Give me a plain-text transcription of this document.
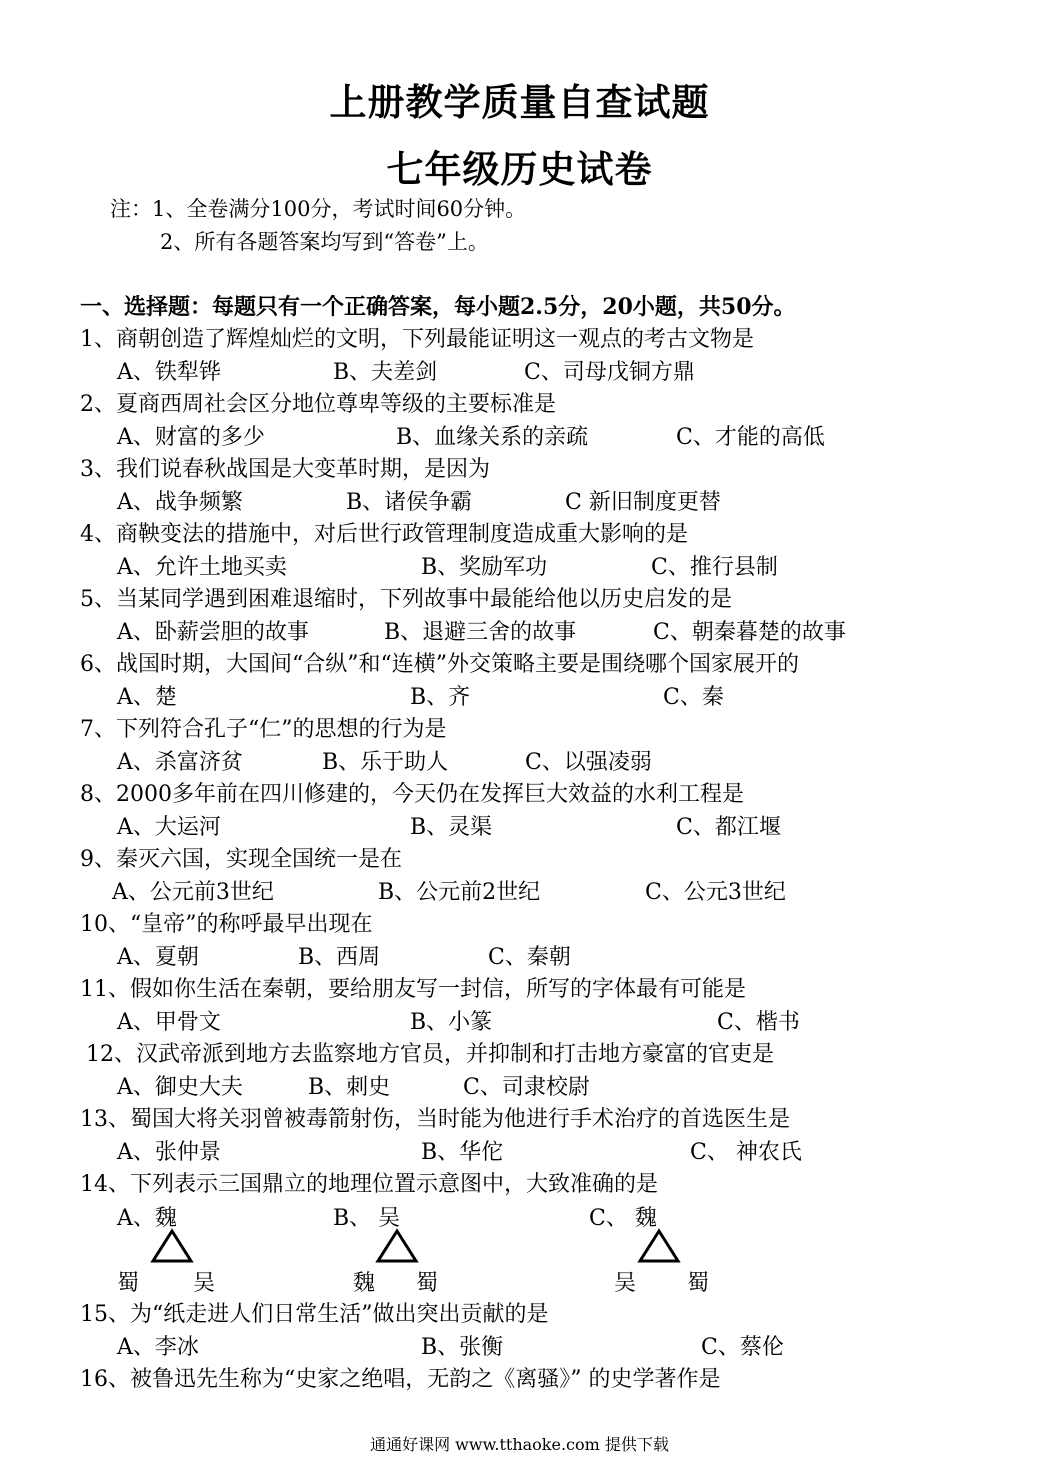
上册教学质量自查试题
七年级历史试卷
注：1、全卷满分100分，考试时间60分钟。
2、所有各题答案均写到“答卷”上。
一、选择题：每题只有一个正确答案，每小题2.5分，20小题，共50分。
1、商朝创造了辉煌灿烂的文明，下列最能证明这一观点的考古文物是
A、铁犁铧	B、夫差剑	C、司母戊铜方鼎
2、夏商西周社会区分地位尊卑等级的主要标准是
A、财富的多少	B、血缘关系的亲疏	C、才能的高低
3、我们说春秋战国是大变革时期，是因为
A、战争频繁	B、诸侯争霸	C 新旧制度更替
4、商鞅变法的措施中，对后世行政管理制度造成重大影响的是
A、允许土地买卖	B、奖励军功	C、推行县制
5、当某同学遇到困难退缩时，下列故事中最能给他以历史启发的是
A、卧薪尝胆的故事	B、退避三舍的故事	C、朝秦暮楚的故事
6、战国时期，大国间“合纵”和“连横”外交策略主要是围绕哪个国家展开的
A、楚	B、齐	C、秦
7、下列符合孔子“仁”的思想的行为是
A、杀富济贫	B、乐于助人	C、以强凌弱
8、2000多年前在四川修建的，今天仍在发挥巨大效益的水利工程是
A、大运河	B、灵渠	C、都江堰
9、秦灭六国，实现全国统一是在
A、公元前3世纪	B、公元前2世纪	C、公元3世纪
10、“皇帝”的称呼最早出现在
A、夏朝	B、西周	C、秦朝
11、假如你生活在秦朝，要给朋友写一封信，所写的字体最有可能是
A、甲骨文	B、小篆	C、楷书
12、汉武帝派到地方去监察地方官员，并抑制和打击地方豪富的官吏是
A、御史大夫	B、刺史	C、司隶校尉
13、蜀国大将关羽曾被毒箭射伤，当时能为他进行手术治疗的首选医生是
A、张仲景	B、华佗	C、 神农氏
14、下列表示三国鼎立的地理位置示意图中，大致准确的是
A、魏	B、 吴	C、 魏
蜀 吴	魏 蜀	吴 蜀
15、为“纸走进人们日常生活”做出突出贡献的是
A、李冰	B、张衡	C、蔡伦
16、被鲁迅先生称为“史家之绝唱，无韵之《离骚》” 的史学著作是
通通好课网 www.tthaoke.com 提供下载
